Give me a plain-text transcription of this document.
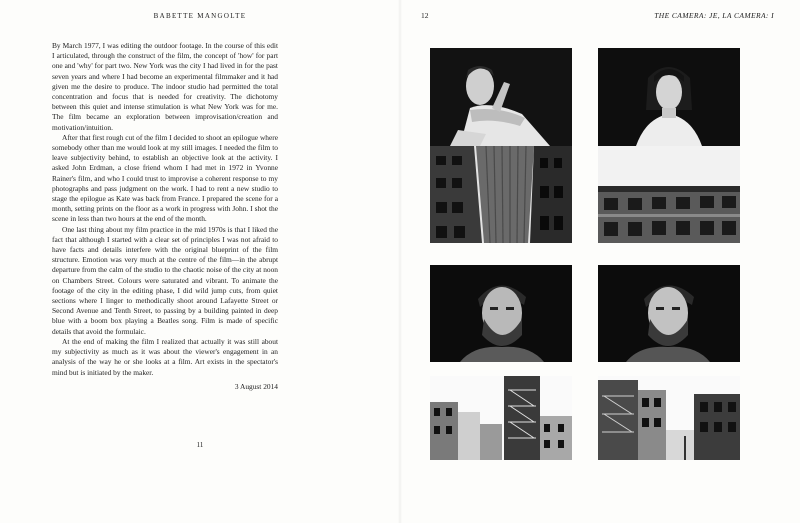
BABETTE MANGOLTE

By March 1977, I was editing the outdoor footage. In the course of this edit I articulated, through the construct of the film, the concept of 'how' for part one and 'why' for part two. New York was the city I had lived in for the past seven years and where I had become an experimental filmmaker and it had given me the desire to produce. The indoor studio had permitted the total concentration and focus that is needed for creativity. The dichotomy between this quiet and intense stimulation is what New York was for me. The film became an exploration between improvisation/creation and motivation/intuition.

After that first rough cut of the film I decided to shoot an epilogue where somebody other than me would look at my still images. I needed the film to leave subjectivity behind, to establish an objective look at the activity. I asked John Erdman, a close friend whom I had met in 1972 in Yvonne Rainer's film, and who I could trust to improvise a coherent response to my photographs and pass judgment on the work. I had to rent a new studio to stage the epilogue as Kate was back from France. I prepared the scene for a month, setting prints on the floor as a work in progress with John. I shot the scene in less than two hours at the end of the month.

One last thing about my film practice in the mid 1970s is that I liked the fact that although I started with a clear set of principles I was not afraid to have facts and details interfere with the original blueprint of the film structure. Emotion was very much at the centre of the film—in the abrupt departure from the calm of the studio to the chaotic noise of the city at noon on Chambers Street. Colours were saturated and vibrant. To animate the footage of the city in the editing phase, I did wild jump cuts, from quiet sections where I linger to methodically shoot around Lafayette Street or Second Avenue and Tenth Street, to passing by a building painted in deep blue with a boom box playing a Beatles song. Film is made of specific details that avoid the formulaic.

At the end of making the film I realized that actually it was still about my subjectivity as much as it was about the viewer's engagement in an analysis of the way he or she looks at a film. Art exists in the spectator's mind but is initiated by the maker.

3 August 2014
11
12	THE CAMERA: JE, LA CAMERA: I
